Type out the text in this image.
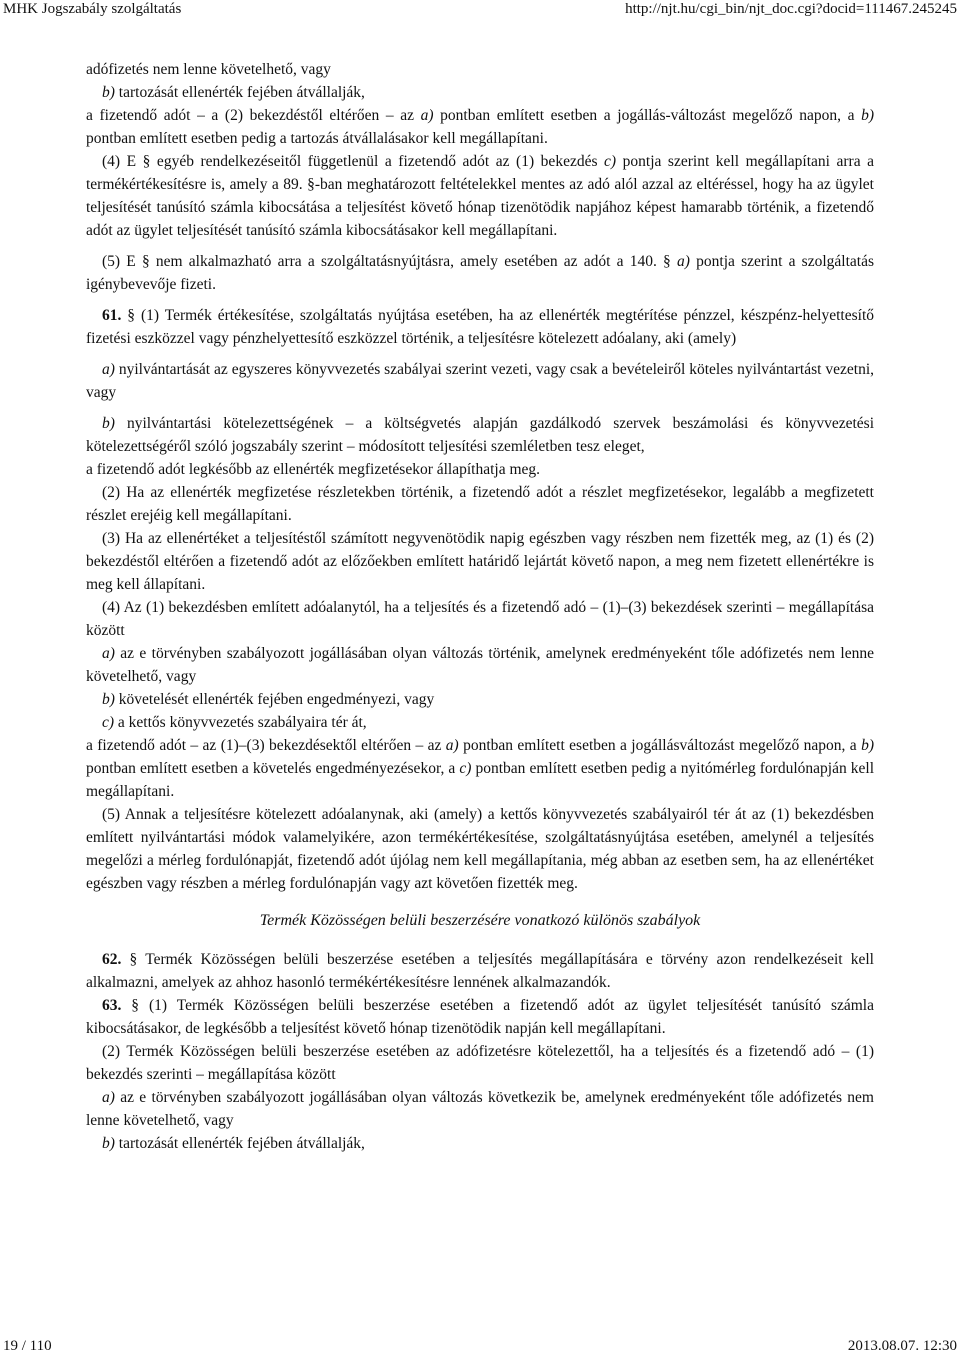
MHK Jogszabály szolgáltatás	http://njt.hu/cgi_bin/njt_doc.cgi?docid=111467.245245

adófizetés nem lenne követelhető, vagy

b) tartozását ellenérték fejében átvállalják,

a fizetendő adót – a (2) bekezdéstől eltérően – az a) pontban említett esetben a jogállás-változást megelőző napon, a b) pontban említett esetben pedig a tartozás átvállalásakor kell megállapítani.

(4) E § egyéb rendelkezéseitől függetlenül a fizetendő adót az (1) bekezdés c) pontja szerint kell megállapítani arra a termékértékesítésre is, amely a 89. §-ban meghatározott feltételekkel mentes az adó alól azzal az eltéréssel, hogy ha az ügylet teljesítését tanúsító számla kibocsátása a teljesítést követő hónap tizenötödik napjához képest hamarabb történik, a fizetendő adót az ügylet teljesítését tanúsító számla kibocsátásakor kell megállapítani.

(5) E § nem alkalmazható arra a szolgáltatásnyújtásra, amely esetében az adót a 140. § a) pontja szerint a szolgáltatás igénybevevője fizeti.

61. § (1) Termék értékesítése, szolgáltatás nyújtása esetében, ha az ellenérték megtérítése pénzzel, készpénz-helyettesítő fizetési eszközzel vagy pénzhelyettesítő eszközzel történik, a teljesítésre kötelezett adóalany, aki (amely)

a) nyilvántartását az egyszeres könyvvezetés szabályai szerint vezeti, vagy csak a bevételeiről köteles nyilvántartást vezetni, vagy

b) nyilvántartási kötelezettségének – a költségvetés alapján gazdálkodó szervek beszámolási és könyvvezetési kötelezettségéről szóló jogszabály szerint – módosított teljesítési szemléletben tesz eleget,

a fizetendő adót legkésőbb az ellenérték megfizetésekor állapíthatja meg.

(2) Ha az ellenérték megfizetése részletekben történik, a fizetendő adót a részlet megfizetésekor, legalább a megfizetett részlet erejéig kell megállapítani.

(3) Ha az ellenértéket a teljesítéstől számított negyvenötödik napig egészben vagy részben nem fizették meg, az (1) és (2) bekezdéstől eltérően a fizetendő adót az előzőekben említett határidő lejártát követő napon, a meg nem fizetett ellenértékre is meg kell állapítani.

(4) Az (1) bekezdésben említett adóalanytól, ha a teljesítés és a fizetendő adó – (1)–(3) bekezdések szerinti – megállapítása között

a) az e törvényben szabályozott jogállásában olyan változás történik, amelynek eredményeként tőle adófizetés nem lenne követelhető, vagy

b) követelését ellenérték fejében engedményezi, vagy

c) a kettős könyvvezetés szabályaira tér át,

a fizetendő adót – az (1)–(3) bekezdésektől eltérően – az a) pontban említett esetben a jogállásváltozást megelőző napon, a b) pontban említett esetben a követelés engedményezésekor, a c) pontban említett esetben pedig a nyitómérleg fordulónapján kell megállapítani.

(5) Annak a teljesítésre kötelezett adóalanynak, aki (amely) a kettős könyvvezetés szabályairól tér át az (1) bekezdésben említett nyilvántartási módok valamelyikére, azon termékértékesítése, szolgáltatásnyújtása esetében, amelynél a teljesítés megelőzi a mérleg fordulónapját, fizetendő adót újólag nem kell megállapítania, még abban az esetben sem, ha az ellenértéket egészben vagy részben a mérleg fordulónapján vagy azt követően fizették meg.

Termék Közösségen belüli beszerzésére vonatkozó különös szabályok

62. § Termék Közösségen belüli beszerzése esetében a teljesítés megállapítására e törvény azon rendelkezéseit kell alkalmazni, amelyek az ahhoz hasonló termékértékesítésre lennének alkalmazandók.

63. § (1) Termék Közösségen belüli beszerzése esetében a fizetendő adót az ügylet teljesítését tanúsító számla kibocsátásakor, de legkésőbb a teljesítést követő hónap tizenötödik napján kell megállapítani.

(2) Termék Közösségen belüli beszerzése esetében az adófizetésre kötelezettől, ha a teljesítés és a fizetendő adó – (1) bekezdés szerinti – megállapítása között

a) az e törvényben szabályozott jogállásában olyan változás következik be, amelynek eredményeként tőle adófizetés nem lenne követelhető, vagy

b) tartozását ellenérték fejében átvállalják,

19 / 110	2013.08.07. 12:30
